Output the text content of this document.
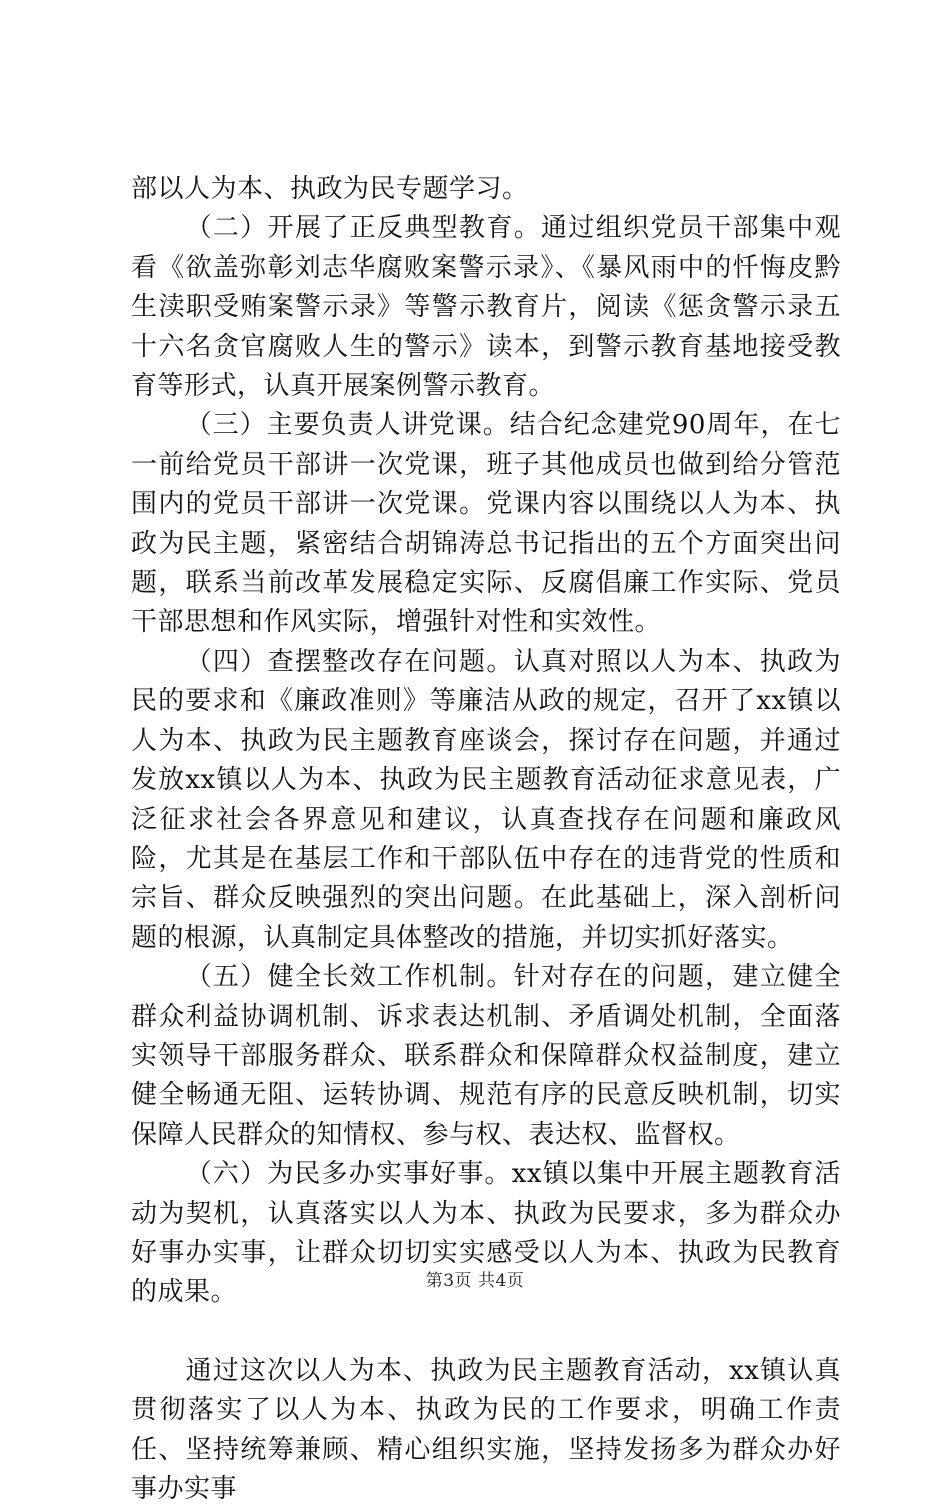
部以人为本、执政为民专题学习。

（二）开展了正反典型教育。通过组织党员干部集中观看《欲盖弥彰刘志华腐败案警示录》、《暴风雨中的忏悔皮黔生渎职受贿案警示录》等警示教育片，阅读《惩贪警示录五十六名贪官腐败人生的警示》读本，到警示教育基地接受教育等形式，认真开展案例警示教育。

（三）主要负责人讲党课。结合纪念建党90周年，在七一前给党员干部讲一次党课，班子其他成员也做到给分管范围内的党员干部讲一次党课。党课内容以围绕以人为本、执政为民主题，紧密结合胡锦涛总书记指出的五个方面突出问题，联系当前改革发展稳定实际、反腐倡廉工作实际、党员干部思想和作风实际，增强针对性和实效性。

（四）查摆整改存在问题。认真对照以人为本、执政为民的要求和《廉政准则》等廉洁从政的规定，召开了xx镇以人为本、执政为民主题教育座谈会，探讨存在问题，并通过发放xx镇以人为本、执政为民主题教育活动征求意见表，广泛征求社会各界意见和建议，认真查找存在问题和廉政风险，尤其是在基层工作和干部队伍中存在的违背党的性质和宗旨、群众反映强烈的突出问题。在此基础上，深入剖析问题的根源，认真制定具体整改的措施，并切实抓好落实。

（五）健全长效工作机制。针对存在的问题，建立健全群众利益协调机制、诉求表达机制、矛盾调处机制，全面落实领导干部服务群众、联系群众和保障群众权益制度，建立健全畅通无阻、运转协调、规范有序的民意反映机制，切实保障人民群众的知情权、参与权、表达权、监督权。

（六）为民多办实事好事。xx镇以集中开展主题教育活动为契机，认真落实以人为本、执政为民要求，多为群众办好事办实事，让群众切切实实感受以人为本、执政为民教育的成果。

通过这次以人为本、执政为民主题教育活动，xx镇认真贯彻落实了以人为本、执政为民的工作要求，明确工作责任、坚持统筹兼顾、精心组织实施，坚持发扬多为群众办好事办实事

第3页 共4页
